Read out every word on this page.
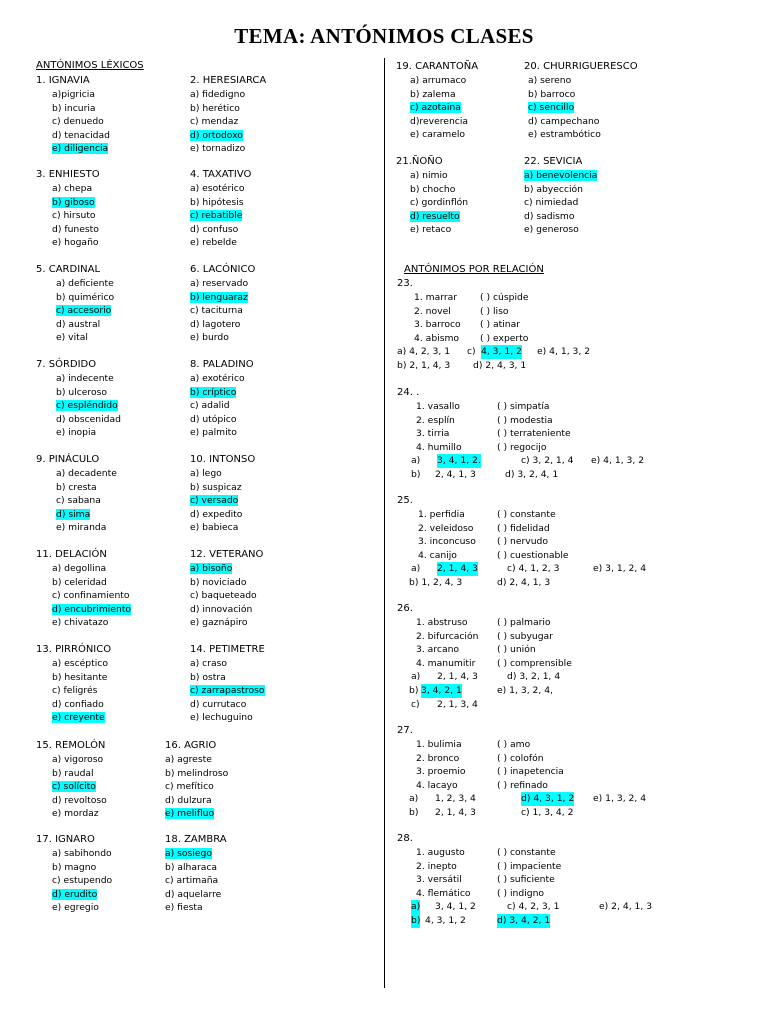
TEMA: ANTÓNIMOS CLASES
ANTÓNIMOS LÉXICOS
ANTÓNIMOS POR RELACIÓN
1. IGNAVIA
a)pigricia
b) incuria
c) denuedo
d) tenacidad
e) diligencia
2. HERESIARCA
a) fidedigno
b) herético
c) mendaz
d) ortodoxo
e) tornadizo
3. ENHIESTO
a) chepa
b) giboso
c) hirsuto
d) funesto
e) hogaño
4. TAXATIVO
a) esotérico
b) hipótesis
c) rebatible
d) confuso
e) rebelde
5. CARDINAL
a) deficiente
b) quimérico
c) accesorio
d) austral
e) vital
6. LACÓNICO
a) reservado
b) lenguaraz
c) taciturna
d) lagotero
e) burdo
7. SÓRDIDO
a) indecente
b) ulceroso
c) espléndido
d) obscenidad
e) inopia
8. PALADINO
a) exotérico
b) críptico
c) adalid
d) utópico
e) palmito
9. PINÁCULO
a) decadente
b) cresta
c) sabana
d) sima
e) miranda
10. INTONSO
a) lego
b) suspicaz
c) versado
d) expedito
e) babieca
11. DELACIÓN
a) degollina
b) celeridad
c) confinamiento
d) encubrimiento
e) chivatazo
12. VETERANO
a) bisoño
b) noviciado
c) baqueteado
d) innovación
e) gaznápiro
13. PIRRÓNICO
a) escéptico
b) hesitante
c) feligrés
d) confiado
e) creyente
14. PETIMETRE
a) craso
b) ostra
c) zarrapastroso
d) currutaco
e) lechuguino
15. REMOLÓN
a) vigoroso
b) raudal
c) solícito
d) revoltoso
e) mordaz
16. AGRIO
a) agreste
b) melindroso
c) mefítico
d) dulzura
e) melifluo
17. IGNARO
a) sabihondo
b) magno
c) estupendo
d) erudito
e) egregio
18. ZAMBRA
a) sosiego
b) alharaca
c) artimaña
d) aquelarre
e) fiesta
19. CARANTOÑA
a) arrumaco
b) zalema
c) azotaina
d)reverencia
e) caramelo
20. CHURRIGUERESCO
a) sereno
b) barroco
c) sencillo
d) campechano
e) estrambótico
21.ÑOÑO
a) nimio
b) chocho
c) gordinflón
d) resuelto
e) retaco
22. SEVICIA
a) benevolencia
b) abyección
c) nimiedad
d) sadismo
e) generoso
23.
1. marrar ( ) cúspide
2. novel	( ) liso
3. barroco ( ) atinar
4. abismo ( ) experto
a) 4, 2, 3, 1 c) 4, 3, 1, 2 e) 4, 1, 3, 2
b) 2, 1, 4, 3 d) 2, 4, 3, 1
24. .
1. vasallo	( ) simpatía
2. esplín	( ) modestia
3. tirria	( ) terrateniente
4. humillo	( ) regocijo
a) 3, 4, 1, 2.	c) 3, 2, 1, 4 e) 4, 1, 3, 2
b) 2, 4, 1, 3	d) 3, 2, 4, 1
25.
1. perfidia	( ) constante
2. veleidoso	( ) fidelidad
3. inconcuso ( ) nervudo
4. canijo	( ) cuestionable
a) 2, 1, 4, 3	c) 4, 1, 2, 3	e) 3, 1, 2, 4
b) 1, 2, 4, 3	d) 2, 4, 1, 3
26.
1. abstruso	( ) palmario
2. bifurcación ( ) subyugar
3. arcano	( ) unión
4. manumitir ( ) comprensible
a) 2, 1, 4, 3	d) 3, 2, 1, 4
b) 3, 4, 2, 1	e) 1, 3, 2, 4,
c) 2, 1, 3, 4
27.
1. bulimia	( ) amo
2. bronco	( ) colofón
3. proemio	( ) inapetencia
4. lacayo	( ) refinado
a) 1, 2, 3, 4	d) 4, 3, 1, 2 e) 1, 3, 2, 4
b) 2, 1, 4, 3	c) 1, 3, 4, 2
28.
1. augusto	( ) constante
2. inepto	( ) impaciente
3. versátil	( ) suficiente
4. flemático	( ) indigno
a) 3, 4, 1, 2	c) 4, 2, 3, 1	e) 2, 4, 1, 3
b) 4, 3, 1, 2	d) 3, 4, 2, 1
